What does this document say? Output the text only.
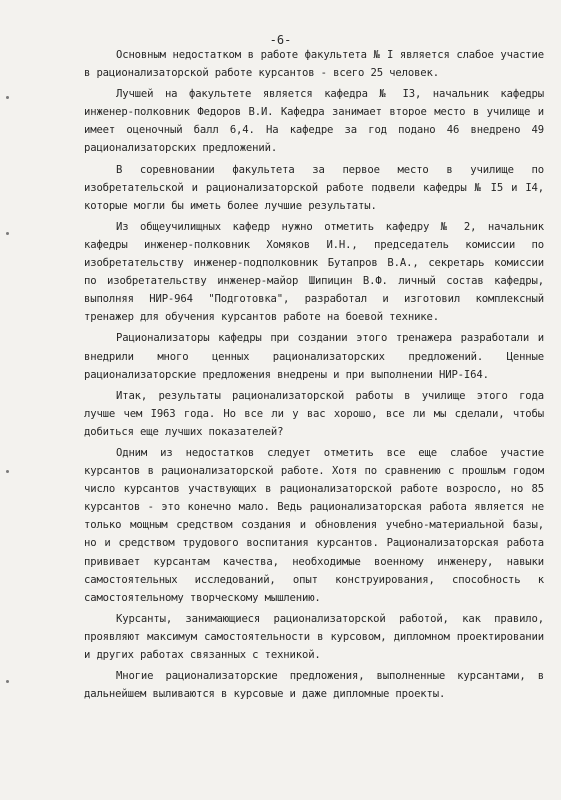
-6-

Основным недостатком в работе факультета № I является слабое участие в рационализаторской работе курсантов - всего 25 человек.

Лучшей на факультете является кафедра № I3, начальник кафедры инженер-полковник Федоров В.И. Кафедра занимает второе место в училище и имеет оценочный балл 6,4. На кафедре за год подано 46 внедрено 49 рационализаторских предложений.

В соревновании факультета за первое место в училище по изобретательской и рационализаторской работе подвели кафедры № I5 и I4, которые могли бы иметь более лучшие результаты.

Из общеучилищных кафедр нужно отметить кафедру № 2, начальник кафедры инженер-полковник Хомяков И.Н., председатель комиссии по изобретательству инженер-подполковник Бутапров В.А., секретарь комиссии по изобретательству инженер-майор Шипицин В.Ф. личный состав кафедры, выполняя НИР-964 "Подготовка", разработал и изготовил комплексный тренажер для обучения курсантов работе на боевой технике.

Рационализаторы кафедры при создании этого тренажера разработали и внедрили много ценных рационализаторских предложений. Ценные рационализаторские предложения внедрены и при выполнении НИР-I64.

Итак, результаты рационализаторской работы в училище этого года лучше чем I963 года. Но все ли у вас хорошо, все ли мы сделали, чтобы добиться еще лучших показателей?

Одним из недостатков следует отметить все еще слабое участие курсантов в рационализаторской работе. Хотя по сравнению с прошлым годом число курсантов участвующих в рационализаторской работе возросло, но 85 курсантов - это конечно мало. Ведь рационализаторская работа является не только мощным средством создания и обновления учебно-материальной базы, но и средством трудового воспитания курсантов. Рационализаторская работа прививает курсантам качества, необходимые военному инженеру, навыки самостоятельных исследований, опыт конструирования, способность к самостоятельному творческому мышлению.

Курсанты, занимающиеся рационализаторской работой, как правило, проявляют максимум самостоятельности в курсовом, дипломном проектировании и других работах связанных с техникой.

Многие рационализаторские предложения, выполненные курсантами, в дальнейшем выливаются в курсовые и даже дипломные проекты.
